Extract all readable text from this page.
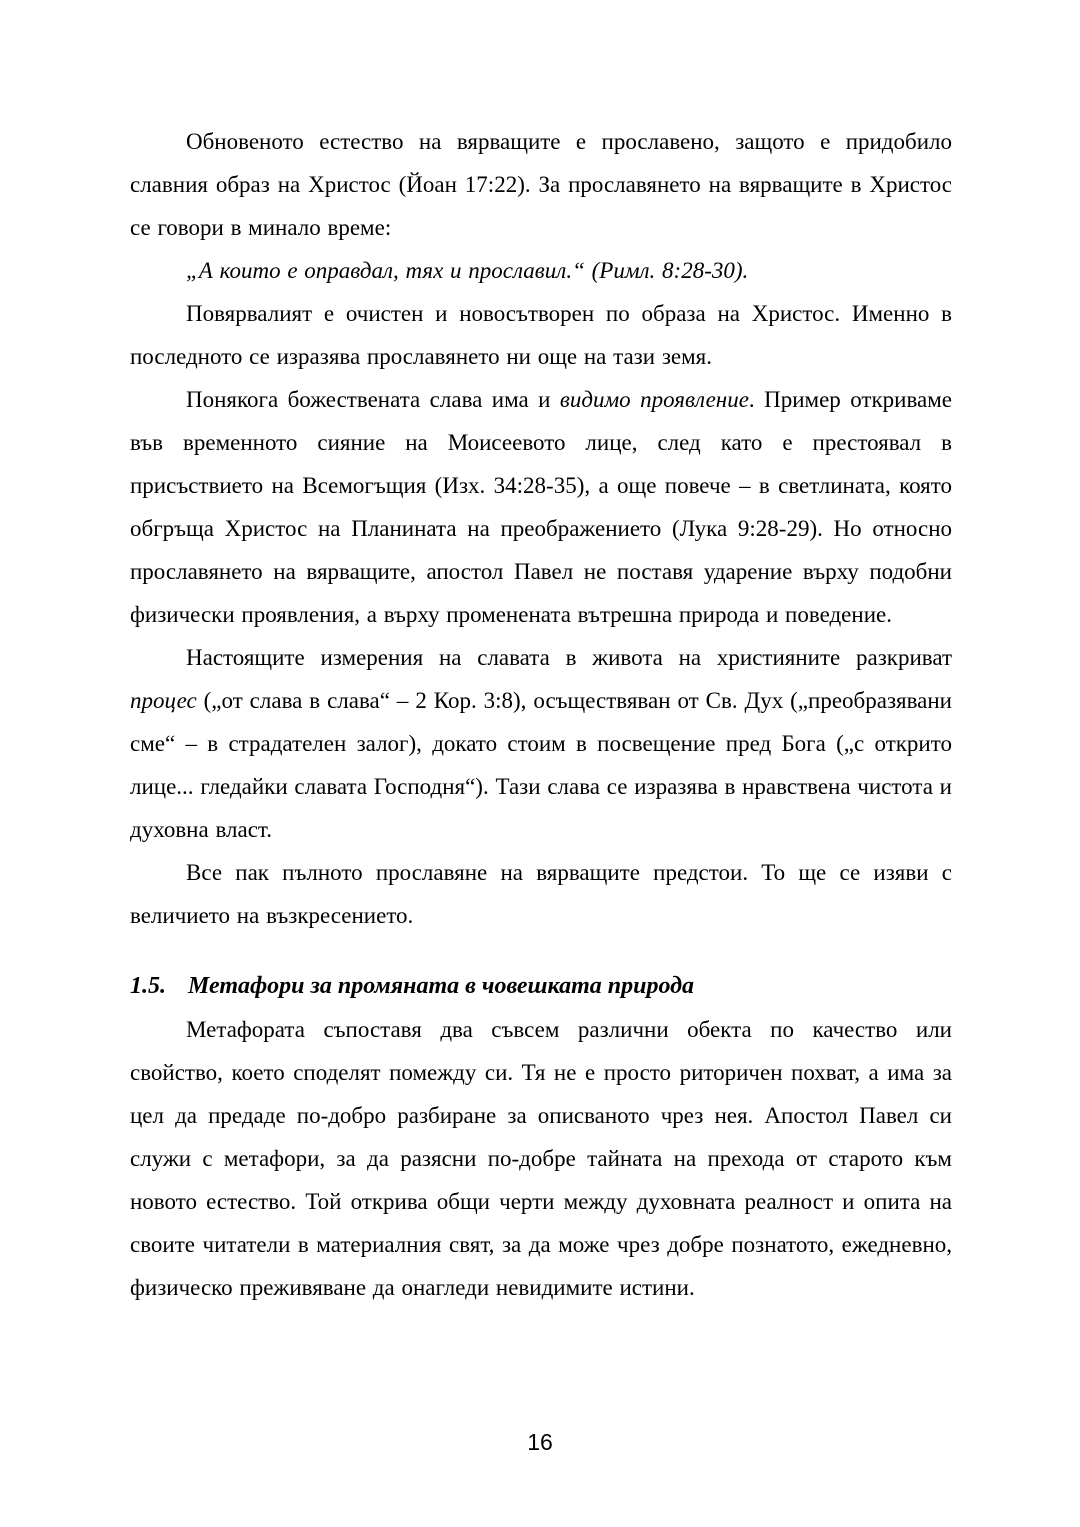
Обновеното естество на вярващите е прославено, защото е придобило славния образ на Христос (Йоан 17:22). За прославянето на вярващите в Христос се говори в минало време:

„А които е оправдал, тях и прославил.“ (Римл. 8:28-30).

Повярвалият е очистен и новосътворен по образа на Христос. Именно в последното се изразява прославянето ни още на тази земя.

Понякога божествената слава има и видимо проявление. Пример откриваме във временното сияние на Моисеевото лице, след като е престоявал в присъствието на Всемогъщия (Изх. 34:28-35), а още повече – в светлината, която обгръща Христос на Планината на преображението (Лука 9:28-29). Но относно прославянето на вярващите, апостол Павел не поставя ударение върху подобни физически проявления, а върху променената вътрешна природа и поведение.

Настоящите измерения на славата в живота на християните разкриват процес („от слава в слава“ – 2 Кор. 3:8), осъществяван от Св. Дух („преобразявани сме“ – в страдателен залог), докато стоим в посвещение пред Бога („с открито лице... гледайки славата Господня“). Тази слава се изразява в нравствена чистота и духовна власт.

Все пак пълното прославяне на вярващите предстои. То ще се изяви с величието на възкресението.

1.5. Метафори за промяната в човешката природа

Метафората съпоставя два съвсем различни обекта по качество или свойство, което споделят помежду си. Тя не е просто риторичен похват, а има за цел да предаде по-добро разбиране за описваното чрез нея. Апостол Павел си служи с метафори, за да разясни по-добре тайната на прехода от старото към новото естество. Той открива общи черти между духовната реалност и опита на своите читатели в материалния свят, за да може чрез добре познатото, ежедневно, физическо преживяване да онагледи невидимите истини.

16
